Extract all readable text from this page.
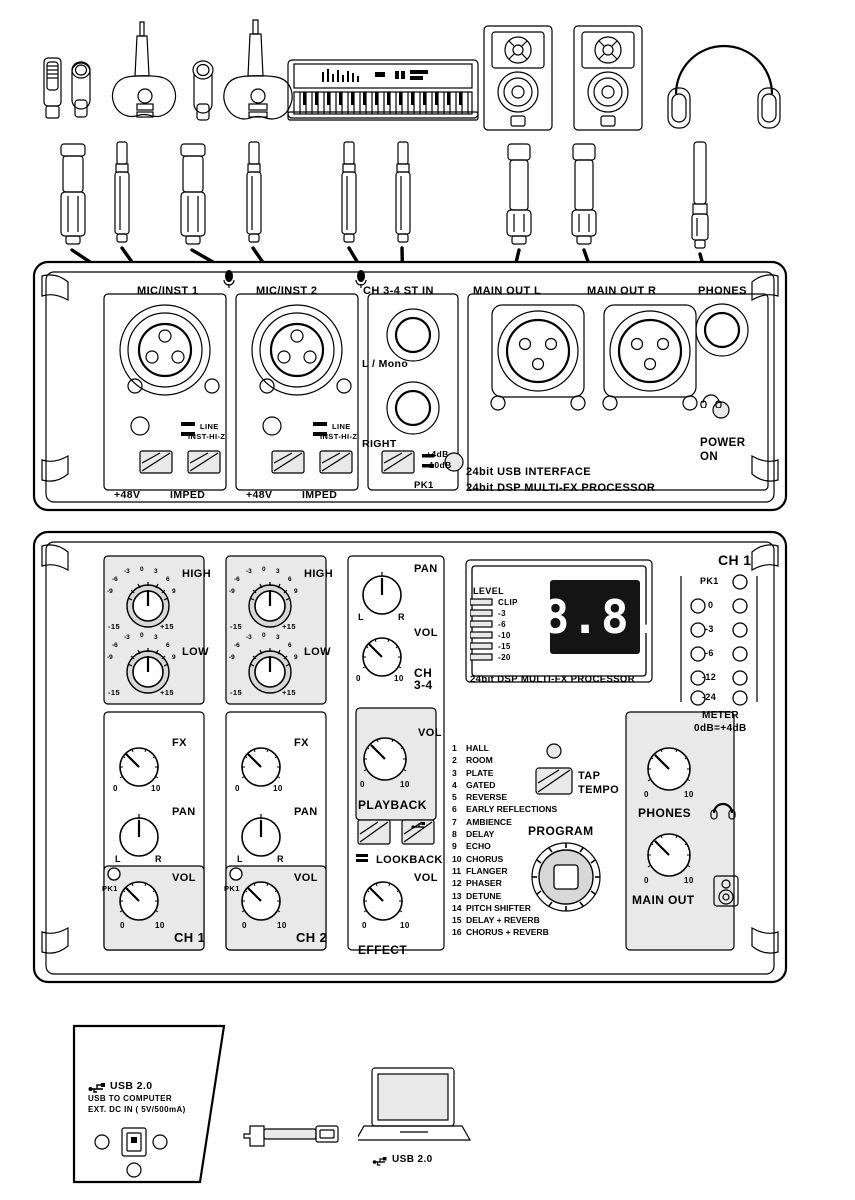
MIC/INST 1	MIC/INST 2	CH 3-4 ST IN	MAIN OUT L	MAIN OUT R	PHONES
L / Mono
RIGHT
LINE
INST-HI-Z
LINE
INST-HI-Z
+48V	IMPED	+48V	IMPED
+4dB
-10dB
PK1
POWER
ON
24bit USB INTERFACE
24bit DSP MULTI-FX PROCESSOR
HIGH
LOW
-9
-6
-3 0 3
6
9
-15	+15
-9
-6
-3 0 3
6
9
-15	+15
HIGH
LOW
-9
-6
-3 0 3
6
9
-15	+15
-9
-6
-3 0 3
6
9
-15	+15
PAN
L	R
VOL
0	10 CH 3-4
FX
0	10
PAN
L	R
VOL
0	10
CH 1
PK1
FX
0	10
PAN
L	R
VOL
0	10
CH 2
PK1
VOL
0	10
PLAYBACK
LOOKBACK
VOL
0	10
EFFECT
LEVEL
CLIP
-3
-6
-10
-15
-20
8.8.
24bit DSP MULTI-FX PROCESSOR
CH 1
PK1
0
-3
-6
-12
-24
METER
0dB=+4dB
TAP
TEMPO
PROGRAM
1 HALL
2 ROOM
3 PLATE
4 GATED
5 REVERSE
6 EARLY REFLECTIONS
7 AMBIENCE
8 DELAY
9 ECHO
10 CHORUS
11 FLANGER
12 PHASER
13 DETUNE
14 PITCH SHIFTER
15 DELAY + REVERB
16 CHORUS + REVERB
0	10
PHONES
0	10
MAIN OUT
USB 2.0
USB TO COMPUTER
EXT. DC IN ( 5V/500mA)
USB 2.0
